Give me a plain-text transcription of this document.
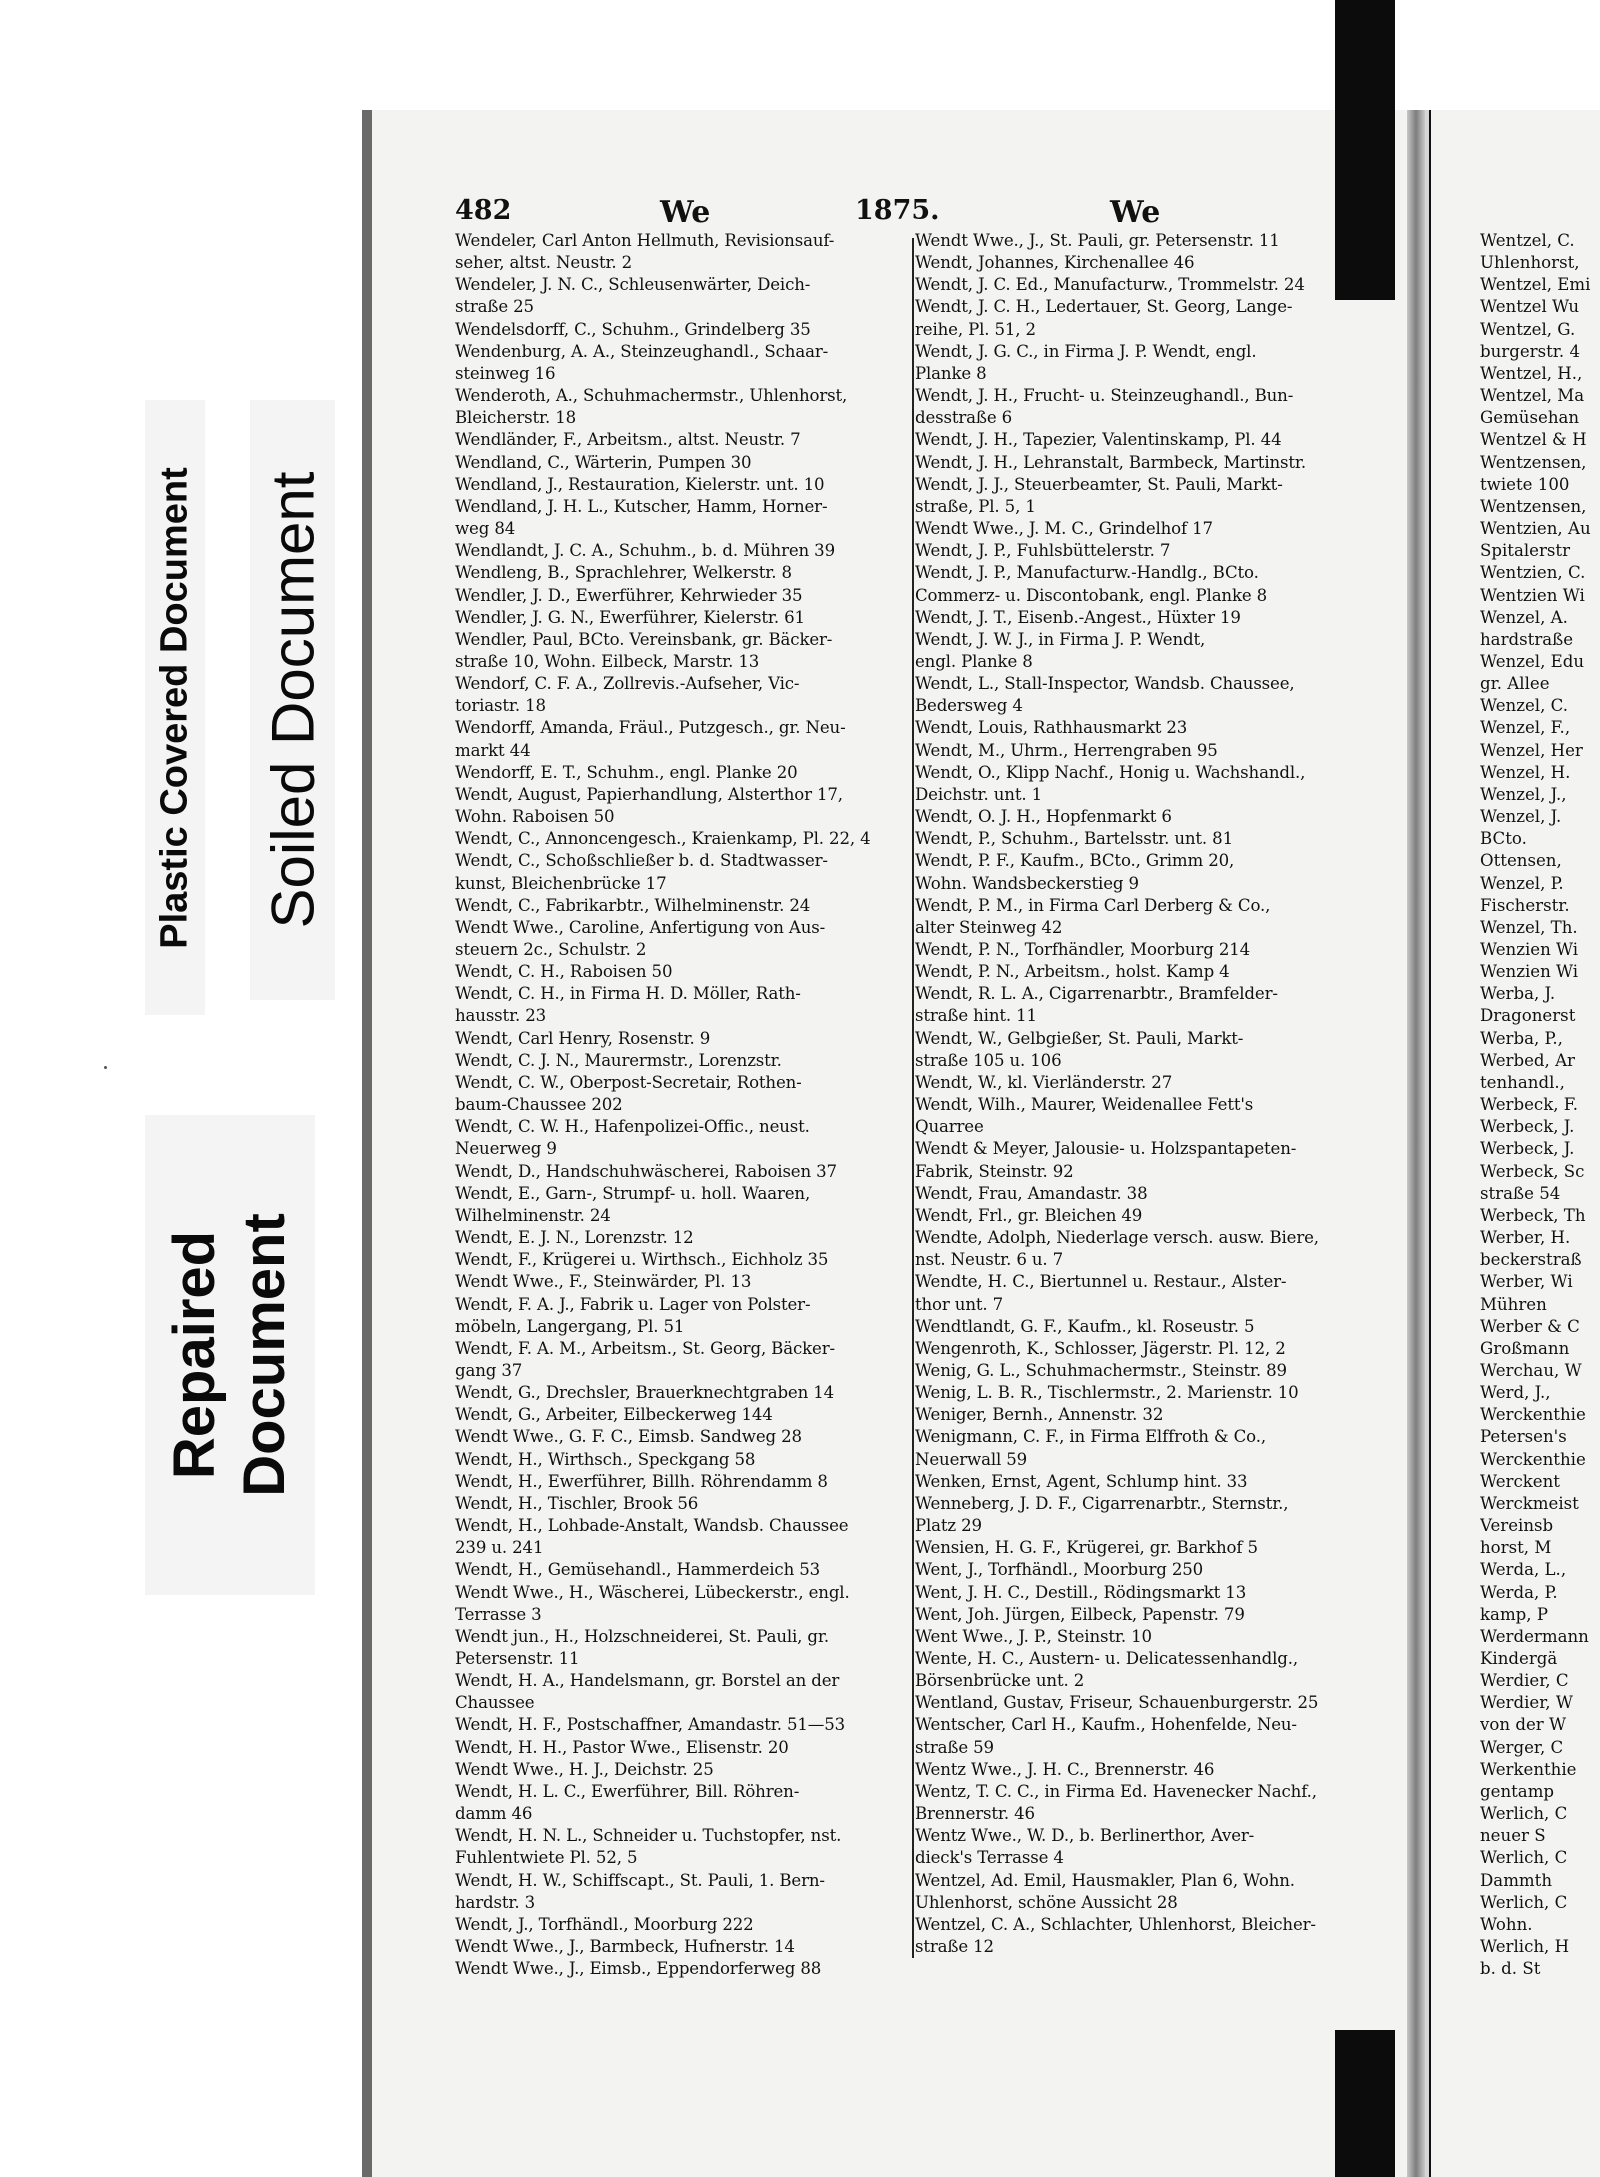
Plastic Covered Document Soiled Document
Repaired Document
482	We	1875.	We
Wendeler, Carl Anton Hellmuth, Revisionsauf-
seher, altst. Neustr. 2
Wendeler, J. N. C., Schleusenwärter, Deich-
straße 25
Wendelsdorff, C., Schuhm., Grindelberg 35
Wendenburg, A. A., Steinzeughandl., Schaar-
steinweg 16
Wenderoth, A., Schuhmachermstr., Uhlenhorst,
Bleicherstr. 18
Wendländer, F., Arbeitsm., altst. Neustr. 7
Wendland, C., Wärterin, Pumpen 30
Wendland, J., Restauration, Kielerstr. unt. 10
Wendland, J. H. L., Kutscher, Hamm, Horner-
weg 84
Wendlandt, J. C. A., Schuhm., b. d. Mühren 39
Wendleng, B., Sprachlehrer, Welkerstr. 8
Wendler, J. D., Ewerführer, Kehrwieder 35
Wendler, J. G. N., Ewerführer, Kielerstr. 61
Wendler, Paul, BCto. Vereinsbank, gr. Bäcker-
straße 10, Wohn. Eilbeck, Marstr. 13
Wendorf, C. F. A., Zollrevis.-Aufseher, Vic-
toriastr. 18
Wendorff, Amanda, Fräul., Putzgesch., gr. Neu-
markt 44
Wendorff, E. T., Schuhm., engl. Planke 20
Wendt, August, Papierhandlung, Alsterthor 17,
Wohn. Raboisen 50
Wendt, C., Annoncengesch., Kraienkamp, Pl. 22, 4
Wendt, C., Schoßschließer b. d. Stadtwasser-
kunst, Bleichenbrücke 17
Wendt, C., Fabrikarbtr., Wilhelminenstr. 24
Wendt Wwe., Caroline, Anfertigung von Aus-
steuern 2c., Schulstr. 2
Wendt, C. H., Raboisen 50
Wendt, C. H., in Firma H. D. Möller, Rath-
hausstr. 23
Wendt, Carl Henry, Rosenstr. 9
Wendt, C. J. N., Maurermstr., Lorenzstr.
Wendt, C. W., Oberpost-Secretair, Rothen-
baum-Chaussee 202
Wendt, C. W. H., Hafenpolizei-Offic., neust.
Neuerweg 9
Wendt, D., Handschuhwäscherei, Raboisen 37
Wendt, E., Garn-, Strumpf- u. holl. Waaren,
Wilhelminenstr. 24
Wendt, E. J. N., Lorenzstr. 12
Wendt, F., Krügerei u. Wirthsch., Eichholz 35
Wendt Wwe., F., Steinwärder, Pl. 13
Wendt, F. A. J., Fabrik u. Lager von Polster-
möbeln, Langergang, Pl. 51
Wendt, F. A. M., Arbeitsm., St. Georg, Bäcker-
gang 37
Wendt, G., Drechsler, Brauerknechtgraben 14
Wendt, G., Arbeiter, Eilbeckerweg 144
Wendt Wwe., G. F. C., Eimsb. Sandweg 28
Wendt, H., Wirthsch., Speckgang 58
Wendt, H., Ewerführer, Billh. Röhrendamm 8
Wendt, H., Tischler, Brook 56
Wendt, H., Lohbade-Anstalt, Wandsb. Chaussee
239 u. 241
Wendt, H., Gemüsehandl., Hammerdeich 53
Wendt Wwe., H., Wäscherei, Lübeckerstr., engl.
Terrasse 3
Wendt jun., H., Holzschneiderei, St. Pauli, gr.
Petersenstr. 11
Wendt, H. A., Handelsmann, gr. Borstel an der
Chaussee
Wendt, H. F., Postschaffner, Amandastr. 51—53
Wendt, H. H., Pastor Wwe., Elisenstr. 20
Wendt Wwe., H. J., Deichstr. 25
Wendt, H. L. C., Ewerführer, Bill. Röhren-
damm 46
Wendt, H. N. L., Schneider u. Tuchstopfer, nst.
Fuhlentwiete Pl. 52, 5
Wendt, H. W., Schiffscapt., St. Pauli, 1. Bern-
hardstr. 3
Wendt, J., Torfhändl., Moorburg 222
Wendt Wwe., J., Barmbeck, Hufnerstr. 14
Wendt Wwe., J., Eimsb., Eppendorferweg 88
Wendt Wwe., J., St. Pauli, gr. Petersenstr. 11
Wendt, Johannes, Kirchenallee 46
Wendt, J. C. Ed., Manufacturw., Trommelstr. 24
Wendt, J. C. H., Ledertauer, St. Georg, Lange-
reihe, Pl. 51, 2
Wendt, J. G. C., in Firma J. P. Wendt, engl.
Planke 8
Wendt, J. H., Frucht- u. Steinzeughandl., Bun-
desstraße 6
Wendt, J. H., Tapezier, Valentinskamp, Pl. 44
Wendt, J. H., Lehranstalt, Barmbeck, Martinstr.
Wendt, J. J., Steuerbeamter, St. Pauli, Markt-
straße, Pl. 5, 1
Wendt Wwe., J. M. C., Grindelhof 17
Wendt, J. P., Fuhlsbüttelerstr. 7
Wendt, J. P., Manufacturw.-Handlg., BCto.
Commerz- u. Discontobank, engl. Planke 8
Wendt, J. T., Eisenb.-Angest., Hüxter 19
Wendt, J. W. J., in Firma J. P. Wendt,
engl. Planke 8
Wendt, L., Stall-Inspector, Wandsb. Chaussee,
Bedersweg 4
Wendt, Louis, Rathhausmarkt 23
Wendt, M., Uhrm., Herrengraben 95
Wendt, O., Klipp Nachf., Honig u. Wachshandl.,
Deichstr. unt. 1
Wendt, O. J. H., Hopfenmarkt 6
Wendt, P., Schuhm., Bartelsstr. unt. 81
Wendt, P. F., Kaufm., BCto., Grimm 20,
Wohn. Wandsbeckerstieg 9
Wendt, P. M., in Firma Carl Derberg & Co.,
alter Steinweg 42
Wendt, P. N., Torfhändler, Moorburg 214
Wendt, P. N., Arbeitsm., holst. Kamp 4
Wendt, R. L. A., Cigarrenarbtr., Bramfelder-
straße hint. 11
Wendt, W., Gelbgießer, St. Pauli, Markt-
straße 105 u. 106
Wendt, W., kl. Vierländerstr. 27
Wendt, Wilh., Maurer, Weidenallee Fett's
Quarree
Wendt & Meyer, Jalousie- u. Holzspantapeten-
Fabrik, Steinstr. 92
Wendt, Frau, Amandastr. 38
Wendt, Frl., gr. Bleichen 49
Wendte, Adolph, Niederlage versch. ausw. Biere,
nst. Neustr. 6 u. 7
Wendte, H. C., Biertunnel u. Restaur., Alster-
thor unt. 7
Wendtlandt, G. F., Kaufm., kl. Roseustr. 5
Wengenroth, K., Schlosser, Jägerstr. Pl. 12, 2
Wenig, G. L., Schuhmachermstr., Steinstr. 89
Wenig, L. B. R., Tischlermstr., 2. Marienstr. 10
Weniger, Bernh., Annenstr. 32
Wenigmann, C. F., in Firma Elffroth & Co.,
Neuerwall 59
Wenken, Ernst, Agent, Schlump hint. 33
Wenneberg, J. D. F., Cigarrenarbtr., Sternstr.,
Platz 29
Wensien, H. G. F., Krügerei, gr. Barkhof 5
Went, J., Torfhändl., Moorburg 250
Went, J. H. C., Destill., Rödingsmarkt 13
Went, Joh. Jürgen, Eilbeck, Papenstr. 79
Went Wwe., J. P., Steinstr. 10
Wente, H. C., Austern- u. Delicatessenhandlg.,
Börsenbrücke unt. 2
Wentland, Gustav, Friseur, Schauenburgerstr. 25
Wentscher, Carl H., Kaufm., Hohenfelde, Neu-
straße 59
Wentz Wwe., J. H. C., Brennerstr. 46
Wentz, T. C. C., in Firma Ed. Havenecker Nachf.,
Brennerstr. 46
Wentz Wwe., W. D., b. Berlinerthor, Aver-
dieck's Terrasse 4
Wentzel, Ad. Emil, Hausmakler, Plan 6, Wohn.
Uhlenhorst, schöne Aussicht 28
Wentzel, C. A., Schlachter, Uhlenhorst, Bleicher-
straße 12
Wentzel, C.
Uhlenhorst,
Wentzel, Emi
Wentzel Wu
Wentzel, G.
burgerstr. 4
Wentzel, H.,
Wentzel, Ma
Gemüsehan
Wentzel & H
Wentzensen,
twiete 100
Wentzensen,
Wentzien, Au
Spitalerstr
Wentzien, C.
Wentzien Wi
Wenzel, A.
hardstraße
Wenzel, Edu
gr. Allee
Wenzel, C.
Wenzel, F.,
Wenzel, Her
Wenzel, H.
Wenzel, J.,
Wenzel, J.
BCto.
Ottensen,
Wenzel, P.
Fischerstr.
Wenzel, Th.
Wenzien Wi
Wenzien Wi
Werba, J.
Dragonerst
Werba, P.,
Werbed, Ar
tenhandl.,
Werbeck, F.
Werbeck, J.
Werbeck, J.
Werbeck, Sc
straße 54
Werbeck, Th
Werber, H.
beckerstraß
Werber, Wi
Mühren
Werber & C
Großmann
Werchau, W
Werd, J.,
Werckenthie
Petersen's
Werckenthie
Werckent
Werckmeist
Vereinsb
horst, M
Werda, L.,
Werda, P.
kamp, P
Werdermann
Kindergä
Werdier, C
Werdier, W
von der W
Werger, C
Werkenthie
gentamp
Werlich, C
neuer S
Werlich, C
Dammth
Werlich, C
Wohn.
Werlich, H
b. d. St
